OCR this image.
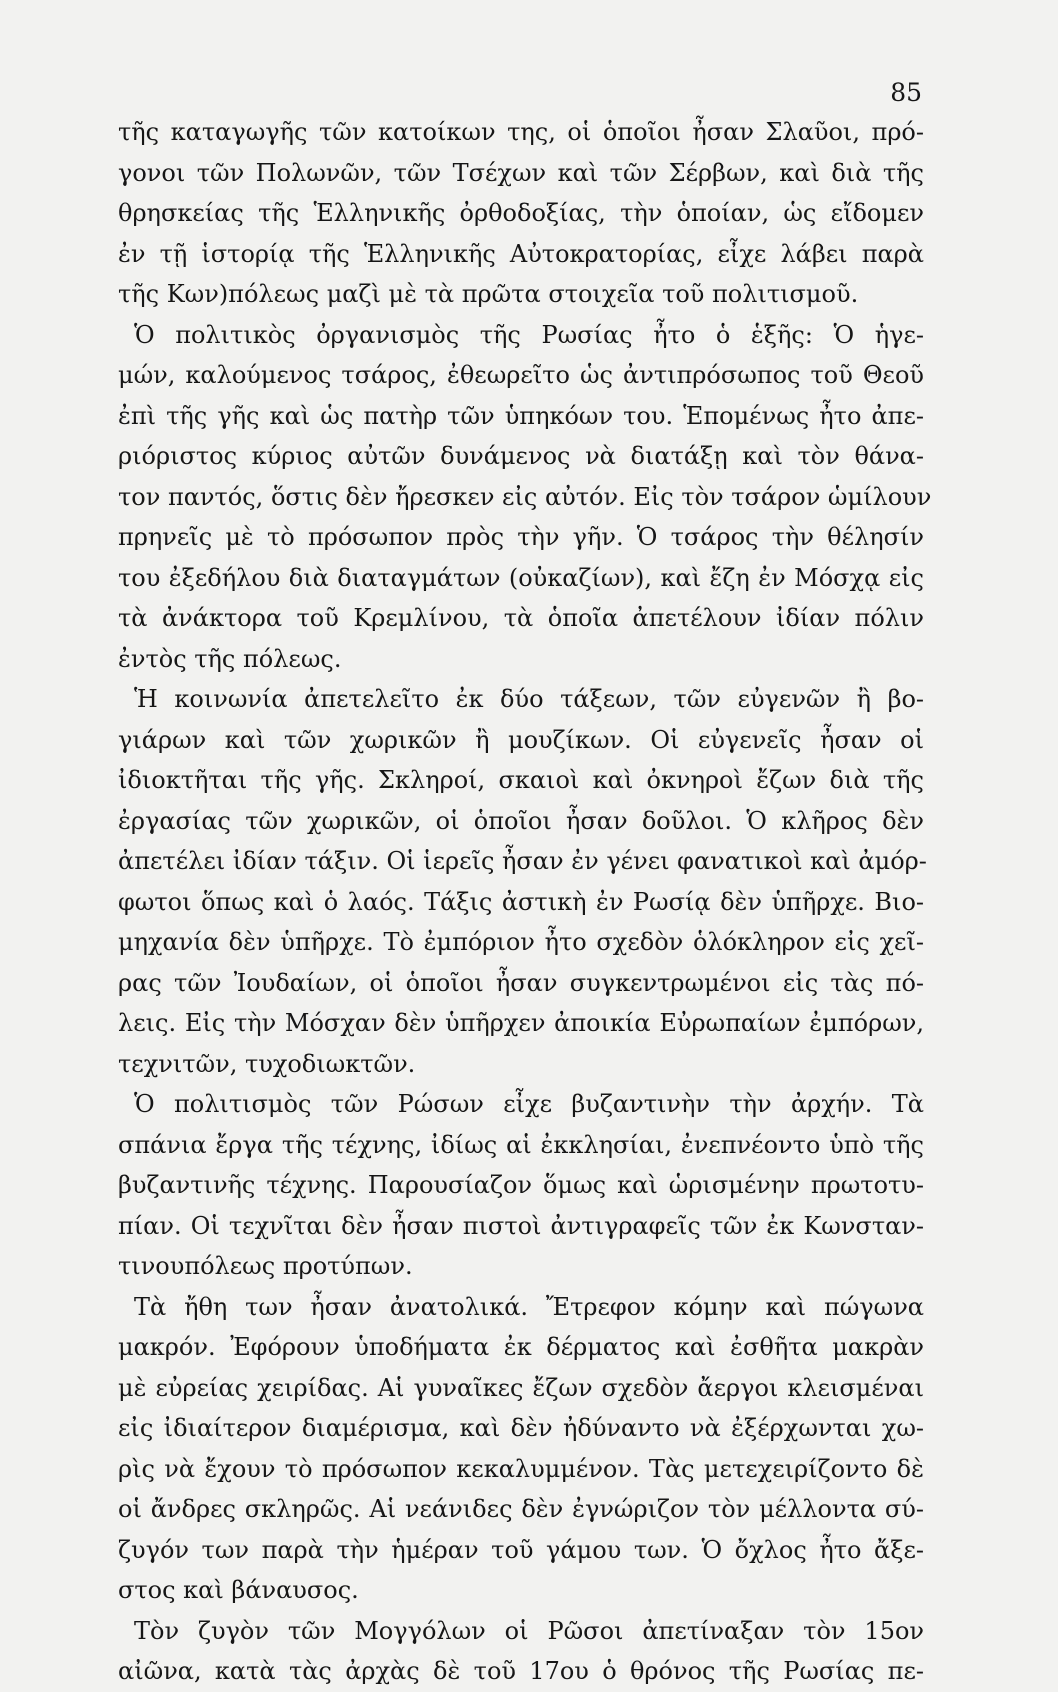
85
τῆς καταγωγῆς τῶν κατοίκων της, οἱ ὁποῖοι ἦσαν Σλαῦοι, πρό-
γονοι τῶν Πολωνῶν, τῶν Τσέχων καὶ τῶν Σέρβων, καὶ διὰ τῆς
θρησκείας τῆς Ἑλληνικῆς ὀρθοδοξίας, τὴν ὁποίαν, ὡς εἴδομεν
ἐν τῇ ἱστορίᾳ τῆς Ἑλληνικῆς Αὐτοκρατορίας, εἶχε λάβει παρὰ
τῆς Κων)πόλεως μαζὶ μὲ τὰ πρῶτα στοιχεῖα τοῦ πολιτισμοῦ.
Ὁ πολιτικὸς ὀργανισμὸς τῆς Ρωσίας ἦτο ὁ ἑξῆς: Ὁ ἡγε-
μών, καλούμενος τσάρος, ἐθεωρεῖτο ὡς ἀντιπρόσωπος τοῦ Θεοῦ
ἐπὶ τῆς γῆς καὶ ὡς πατὴρ τῶν ὑπηκόων του. Ἑπομένως ἦτο ἀπε-
ριόριστος κύριος αὐτῶν δυνάμενος νὰ διατάξῃ καὶ τὸν θάνα-
τον παντός, ὅστις δὲν ἤρεσκεν εἰς αὐτόν. Εἰς τὸν τσάρον ὡμίλουν
πρηνεῖς μὲ τὸ πρόσωπον πρὸς τὴν γῆν. Ὁ τσάρος τὴν θέλησίν
του ἐξεδήλου διὰ διαταγμάτων (οὐκαζίων), καὶ ἔζη ἐν Μόσχᾳ εἰς
τὰ ἀνάκτορα τοῦ Κρεμλίνου, τὰ ὁποῖα ἀπετέλουν ἰδίαν πόλιν
ἐντὸς τῆς πόλεως.
Ἡ κοινωνία ἀπετελεῖτο ἐκ δύο τάξεων, τῶν εὐγενῶν ἢ βο-
γιάρων καὶ τῶν χωρικῶν ἢ μουζίκων. Οἱ εὐγενεῖς ἦσαν οἱ
ἰδιοκτῆται τῆς γῆς. Σκληροί, σκαιοὶ καὶ ὀκνηροὶ ἔζων διὰ τῆς
ἐργασίας τῶν χωρικῶν, οἱ ὁποῖοι ἦσαν δοῦλοι. Ὁ κλῆρος δὲν
ἀπετέλει ἰδίαν τάξιν. Οἱ ἱερεῖς ἦσαν ἐν γένει φανατικοὶ καὶ ἀμόρ-
φωτοι ὅπως καὶ ὁ λαός. Τάξις ἀστικὴ ἐν Ρωσίᾳ δὲν ὑπῆρχε. Βιο-
μηχανία δὲν ὑπῆρχε. Τὸ ἐμπόριον ἦτο σχεδὸν ὁλόκληρον εἰς χεῖ-
ρας τῶν Ἰουδαίων, οἱ ὁποῖοι ἦσαν συγκεντρωμένοι εἰς τὰς πό-
λεις. Εἰς τὴν Μόσχαν δὲν ὑπῆρχεν ἀποικία Εὐρωπαίων ἐμπόρων,
τεχνιτῶν, τυχοδιωκτῶν.
Ὁ πολιτισμὸς τῶν Ρώσων εἶχε βυζαντινὴν τὴν ἀρχήν. Τὰ
σπάνια ἔργα τῆς τέχνης, ἰδίως αἱ ἐκκλησίαι, ἐνεπνέοντο ὑπὸ τῆς
βυζαντινῆς τέχνης. Παρουσίαζον ὅμως καὶ ὡρισμένην πρωτοτυ-
πίαν. Οἱ τεχνῖται δὲν ἦσαν πιστοὶ ἀντιγραφεῖς τῶν ἐκ Κωνσταν-
τινουπόλεως προτύπων.
Τὰ ἤθη των ἦσαν ἀνατολικά. Ἔτρεφον κόμην καὶ πώγωνα
μακρόν. Ἐφόρουν ὑποδήματα ἐκ δέρματος καὶ ἐσθῆτα μακρὰν
μὲ εὐρείας χειρίδας. Αἱ γυναῖκες ἔζων σχεδὸν ἄεργοι κλεισμέναι
εἰς ἰδιαίτερον διαμέρισμα, καὶ δὲν ἠδύναντο νὰ ἐξέρχωνται χω-
ρὶς νὰ ἔχουν τὸ πρόσωπον κεκαλυμμένον. Τὰς μετεχειρίζοντο δὲ
οἱ ἄνδρες σκληρῶς. Αἱ νεάνιδες δὲν ἐγνώριζον τὸν μέλλοντα σύ-
ζυγόν των παρὰ τὴν ἡμέραν τοῦ γάμου των. Ὁ ὄχλος ἦτο ἄξε-
στος καὶ βάναυσος.
Τὸν ζυγὸν τῶν Μογγόλων οἱ Ρῶσοι ἀπετίναξαν τὸν 15ον
αἰῶνα, κατὰ τὰς ἀρχὰς δὲ τοῦ 17ου ὁ θρόνος τῆς Ρωσίας πε-
